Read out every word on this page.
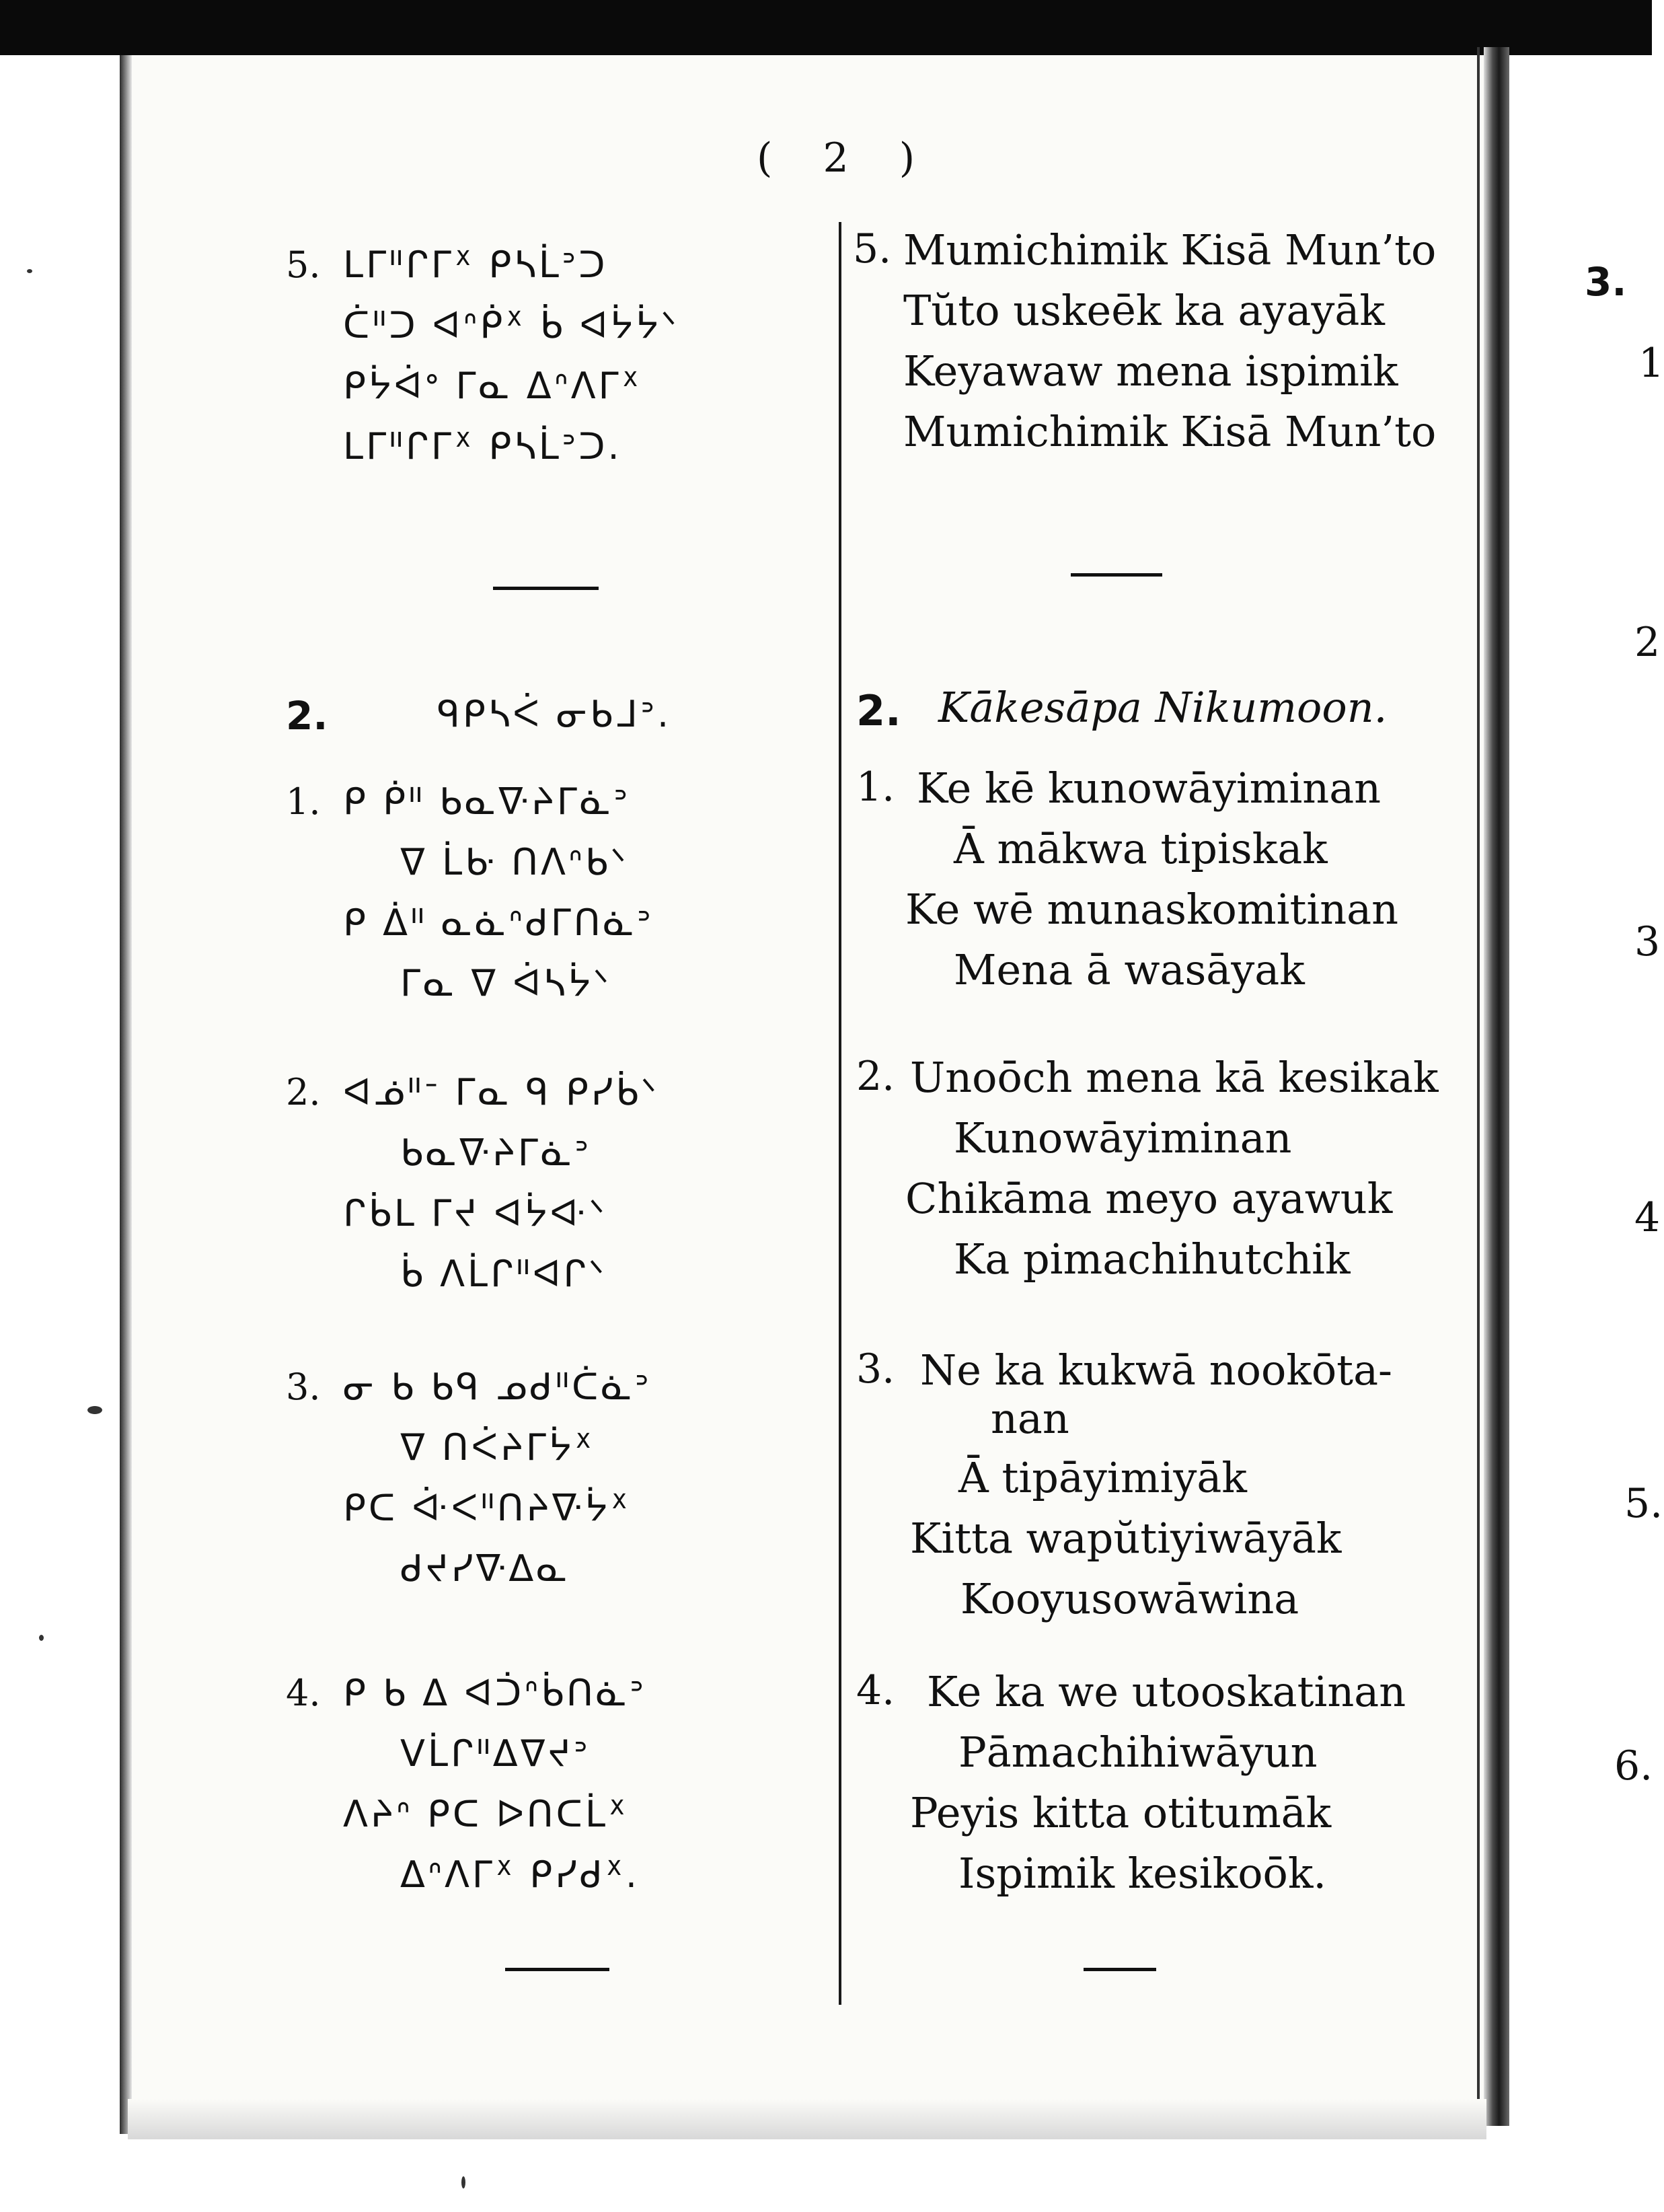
( 2 )
5. ᒪᒥᐦᒋᒥᕽ ᑭᓴᒫᐣᑐ
ᑖᐦᑐ ᐊᐢᑮᕽ ᑳ ᐊᔮᔮᐠ
ᑭᔮᐋᐤ ᒥᓇ ᐃᐢᐱᒥᕽ
ᒪᒥᐦᒋᒥᕽ ᑭᓴᒫᐣᑐ.
2.	ᑫᑭᓴᐹ ᓂᑲᒧᐣ.
1. ᑭ ᑮᐦ ᑲᓇᐍᔨᒥᓈᐣ
ᐁ ᒫᑿ ᑎᐱᐢᑲᐠ
ᑭ ᐄᐦ ᓇᓈᐢᑯᒥᑎᓈᐣ
ᒥᓇ ᐁ ᐋᓴᔮᐠ
2. ᐊᓅᐦᐨ ᒥᓇ ᑫ ᑭᓯᑳᐠ
ᑲᓇᐍᔨᒥᓈᐣ
ᒋᑳᒪ ᒥᔪ ᐊᔮᐘᐠ
ᑳ ᐱᒫᒋᐦᐊᒋᐠ
3. ᓂ ᑲ ᑲᑫ ᓄᑯᐦᑖᓈᐣ
ᐁ ᑎᐹᔨᒥᔮᕽ
ᑭᑕ ᐚᐸᐦᑎᔨᐍᔮᕽ
ᑯᔪᓯᐍᐃᓇ
4. ᑭ ᑲ ᐃ ᐊᑑᐢᑳᑎᓈᐣ
ᐯᒫᒋᐦᐃᐁᔪᐣ
ᐱᔨᐢ ᑭᑕ ᐅᑎᑕᒫᕽ
ᐃᐢᐱᒥᕽ ᑭᓯᑯᕽ.
5. Mumichimik Kisā Mun’to
Tŭto uskeēk ka ayayāk
Keyawaw mena ispimik
Mumichimik Kisā Mun’to
2. Kākesāpa Nikumoon.
1. Ke kē kunowāyiminan
Ā mākwa tipiskak
Ke wē munaskomitinan
Mena ā wasāyak
2. Unoōch mena kā kesikak
Kunowāyiminan
Chikāma meyo ayawuk
Ka pimachihutchik
3. Ne ka kukwā nookōta-
nan
Ā tipāyimiyāk
Kitta wapŭtiyiwāyāk
Kooyusowāwina
4. Ke ka we utooskatinan
Pāmachihiwāyun
Peyis kitta otitumāk
Ispimik kesikoōk.
3.
1
2
3
4
5.
6.
